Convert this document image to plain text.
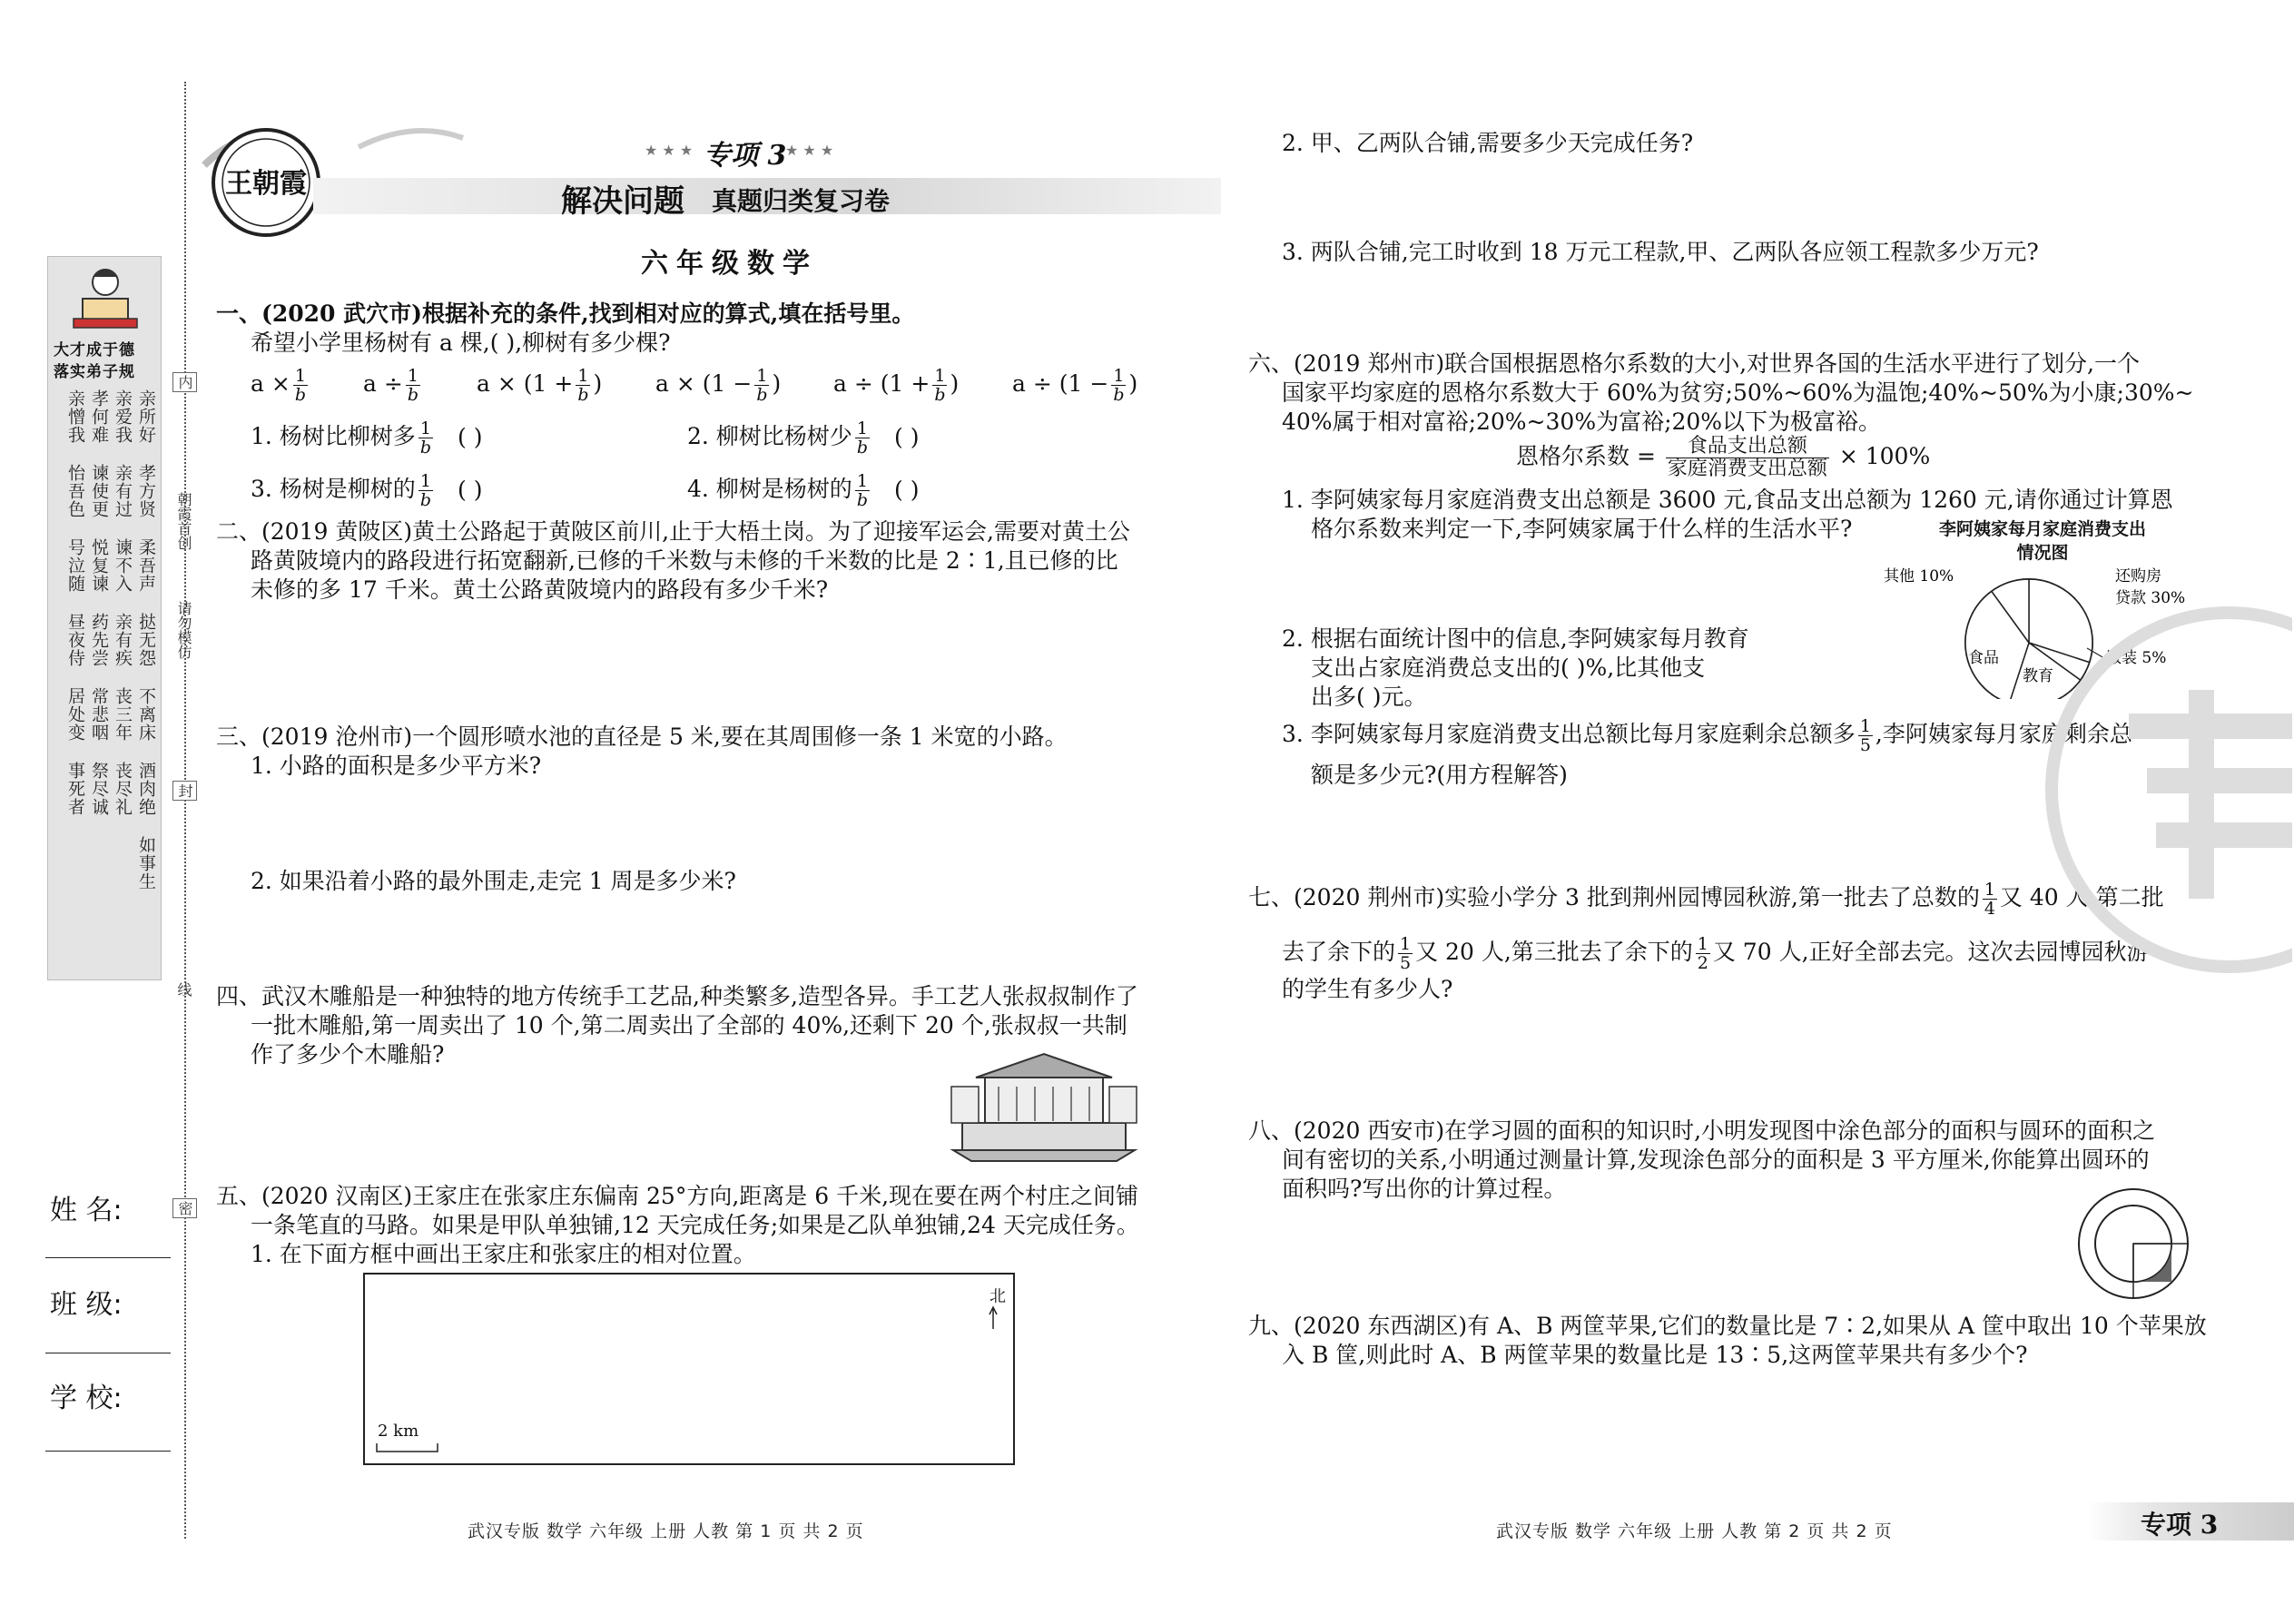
大才成于德
落实弟子规
亲所好
亲爱我
孝何难
亲憎我
孝方贤
亲有过
谏使更
怡吾色
柔吾声
谏不入
悦复谏
号泣随
挞无怨
亲有疾
药先尝
昼夜侍
不离床
丧三年
常悲咽
居处变
酒肉绝
丧尽礼
祭尽诚
事死者
如事生
内
朝霞首创
请勿模仿
封
密
线
姓 名:
班 级:
学 校:
王朝霞
★ ★ ★ 专项 3
★ ★ ★
解决问题 真题归类复习卷
六年级数学
一、(2020 武穴市)根据补充的条件,找到相对应的算式,填在括号里。
希望小学里杨树有 a 棵,( ),柳树有多少棵?
$a \times \frac{1}{b}$ $a \div \frac{1}{b}$ $a \times (1 + \frac{1}{b}$ ) $a \times (1 - \frac{1}{b}$ ) $a \div (1 + \frac{1}{b}$ ) $a \div (1 - \frac{1}{b}$ )
1. 杨树比柳树多 $\frac{1}{b}$ ( )	2. 柳树比杨树少 $\frac{1}{b}$ ( )
3. 杨树是柳树的 $\frac{1}{b}$ ( )	4. 柳树是杨树的 $\frac{1}{b}$ ( )
二、(2019 黄陂区)黄土公路起于黄陂区前川,止于大梧土岗。为了迎接军运会,需要对黄土公
路黄陂境内的路段进行拓宽翻新,已修的千米数与未修的千米数的比是 2∶1,且已修的比
未修的多 17 千米。黄土公路黄陂境内的路段有多少千米?
三、(2019 沧州市)一个圆形喷水池的直径是 5 米,要在其周围修一条 1 米宽的小路。
1. 小路的面积是多少平方米?
2. 如果沿着小路的最外围走,走完 1 周是多少米?
四、武汉木雕船是一种独特的地方传统手工艺品,种类繁多,造型各异。手工艺人张叔叔制作了
一批木雕船,第一周卖出了 10 个,第二周卖出了全部的 40%,还剩下 20 个,张叔叔一共制
作了多少个木雕船?
五、(2020 汉南区)王家庄在张家庄东偏南 25°方向,距离是 6 千米,现在要在两个村庄之间铺
一条笔直的马路。如果是甲队单独铺,12 天完成任务;如果是乙队单独铺,24 天完成任务。
1. 在下面方框中画出王家庄和张家庄的相对位置。
北
2 km
2. 甲、乙两队合铺,需要多少天完成任务?
3. 两队合铺,完工时收到 18 万元工程款,甲、乙两队各应领工程款多少万元?
六、(2019 郑州市)联合国根据恩格尔系数的大小,对世界各国的生活水平进行了划分,一个
国家平均家庭的恩格尔系数大于 60%为贫穷;50%~60%为温饱;40%~50%为小康;30%~
40%属于相对富裕;20%~30%为富裕;20%以下为极富裕。
恩格尔系数 = $\frac{\text{食品支出总额}}{\text{家庭消费支出总额}} \times 100\%$
1. 李阿姨家每月家庭消费支出总额是 3600 元,食品支出总额为 1260 元,请你通过计算恩
格尔系数来判定一下,李阿姨家属于什么样的生活水平?
2. 根据右面统计图中的信息,李阿姨家每月教育
支出占家庭消费总支出的( )%,比其他支
出多( )元。
3. 李阿姨家每月家庭消费支出总额比每月家庭剩余总额多 $\frac{1}{5}$ ,李阿姨家每月家庭剩余总
额是多少元?(用方程解答)
李阿姨家每月家庭消费支出情况图
还购房贷款 30%
服装 5%
教育
食品
其他 10%
七、(2020 荆州市)实验小学分 3 批到荆州园博园秋游,第一批去了总数的 $\frac{1}{4}$ 又 40 人,第二批
去了余下的 $\frac{1}{5}$ 又 20 人,第三批去了余下的 $\frac{1}{2}$ 又 70 人,正好全部去完。这次去园博园秋游
的学生有多少人?
八、(2020 西安市)在学习圆的面积的知识时,小明发现图中涂色部分的面积与圆环的面积之
间有密切的关系,小明通过测量计算,发现涂色部分的面积是 3 平方厘米,你能算出圆环的
面积吗?写出你的计算过程。
九、(2020 东西湖区)有 A、B 两筐苹果,它们的数量比是 7∶2,如果从 A 筐中取出 10 个苹果放
入 B 筐,则此时 A、B 两筐苹果的数量比是 13∶5,这两筐苹果共有多少个?
武汉专版 数学 六年级 上册 人教 第 1 页 共 2 页	武汉专版 数学 六年级 上册 人教 第 2 页 共 2 页	专项 3
